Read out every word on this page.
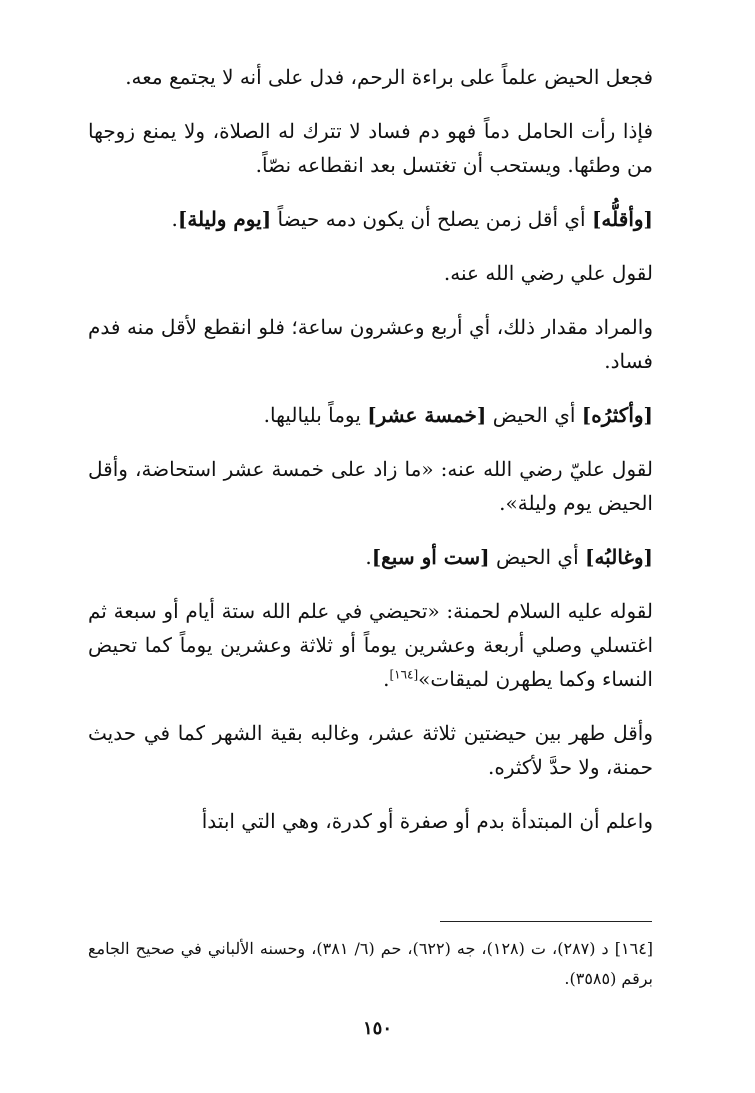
فجعل الحيض علماً على براءة الرحم، فدل على أنه لا يجتمع معه.

فإذا رأت الحامل دماً فهو دم فساد لا تترك له الصلاة، ولا يمنع زوجها من وطئها. ويستحب أن تغتسل بعد انقطاعه نصّاً.

[وأقلُّه] أي أقل زمن يصلح أن يكون دمه حيضاً [يوم وليلة].

لقول علي رضي الله عنه.

والمراد مقدار ذلك، أي أربع وعشرون ساعة؛ فلو انقطع لأقل منه فدم فساد.

[وأكثرُه] أي الحيض [خمسة عشر] يوماً بلياليها.

لقول عليّ رضي الله عنه: «ما زاد على خمسة عشر استحاضة، وأقل الحيض يوم وليلة».

[وغالبُه] أي الحيض [ست أو سبع].

لقوله عليه السلام لحمنة: «تحيضي في علم الله ستة أيام أو سبعة ثم اغتسلي وصلي أربعة وعشرين يوماً أو ثلاثة وعشرين يوماً كما تحيض النساء وكما يطهرن لميقات»[١٦٤].

وأقل طهر بين حيضتين ثلاثة عشر، وغالبه بقية الشهر كما في حديث حمنة، ولا حدَّ لأكثره.

واعلم أن المبتدأة بدم أو صفرة أو كدرة، وهي التي ابتدأ

[١٦٤] د (٢٨٧)، ت (١٢٨)، جه (٦٢٢)، حم (٦/ ٣٨١)، وحسنه الألباني في صحيح الجامع برقم (٣٥٨٥).
١٥٠
